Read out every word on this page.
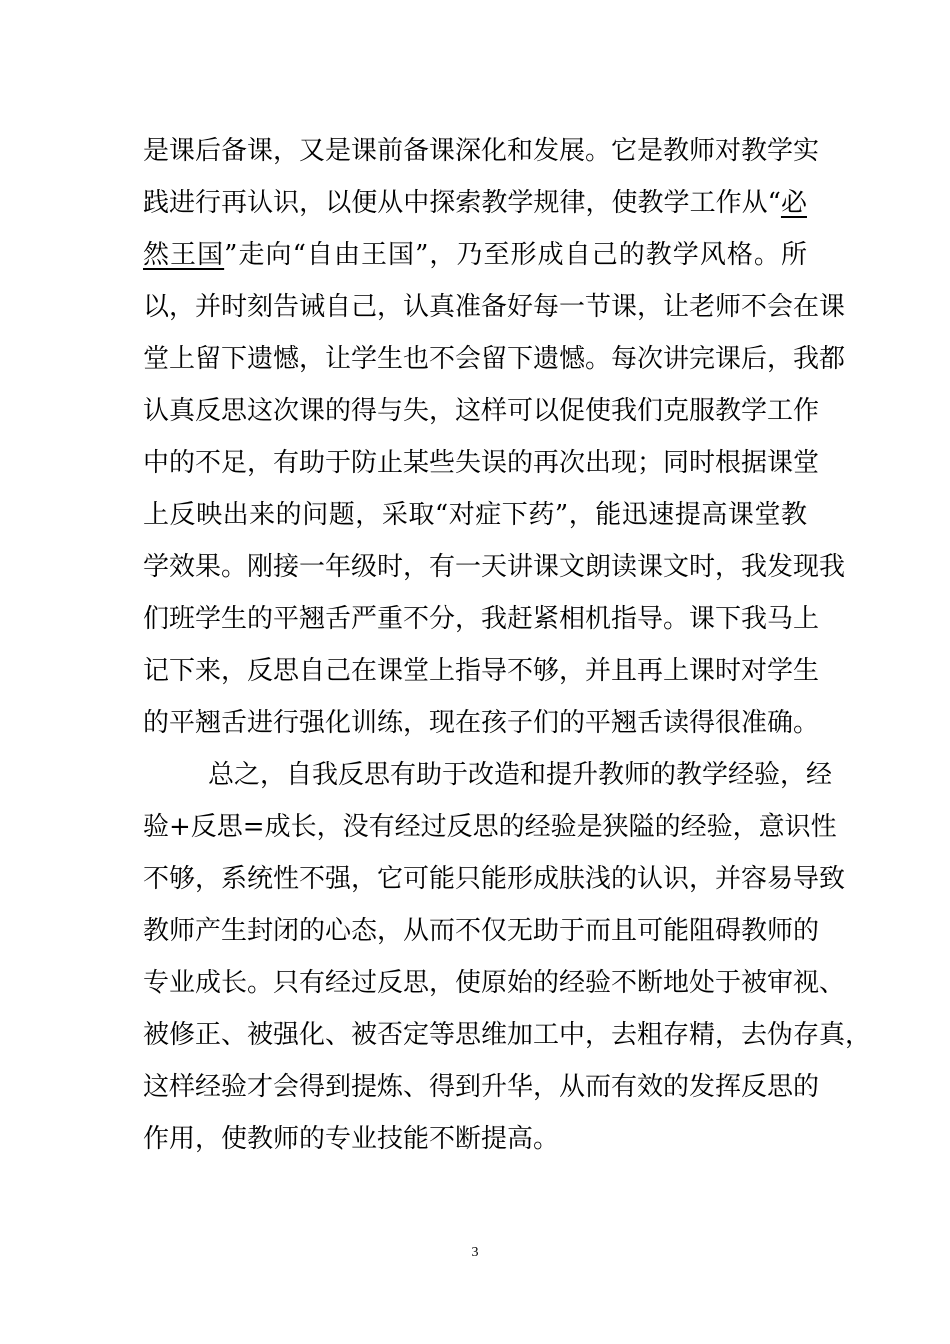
是课后备课，又是课前备课深化和发展。它是教师对教学实
践进行再认识，以便从中探索教学规律，使教学工作从“必
然王国”走向“自由王国”，乃至形成自己的教学风格。所
以，并时刻告诫自己，认真准备好每一节课，让老师不会在课
堂上留下遗憾，让学生也不会留下遗憾。每次讲完课后，我都
认真反思这次课的得与失，这样可以促使我们克服教学工作
中的不足，有助于防止某些失误的再次出现；同时根据课堂
上反映出来的问题，采取“对症下药”，能迅速提高课堂教
学效果。刚接一年级时，有一天讲课文朗读课文时，我发现我
们班学生的平翘舌严重不分，我赶紧相机指导。课下我马上
记下来，反思自己在课堂上指导不够，并且再上课时对学生
的平翘舌进行强化训练，现在孩子们的平翘舌读得很准确。
总之，自我反思有助于改造和提升教师的教学经验，经
验+反思=成长，没有经过反思的经验是狭隘的经验，意识性
不够，系统性不强，它可能只能形成肤浅的认识，并容易导致
教师产生封闭的心态，从而不仅无助于而且可能阻碍教师的
专业成长。只有经过反思，使原始的经验不断地处于被审视、
被修正、被强化、被否定等思维加工中，去粗存精，去伪存真，
这样经验才会得到提炼、得到升华，从而有效的发挥反思的
作用，使教师的专业技能不断提高。
3
